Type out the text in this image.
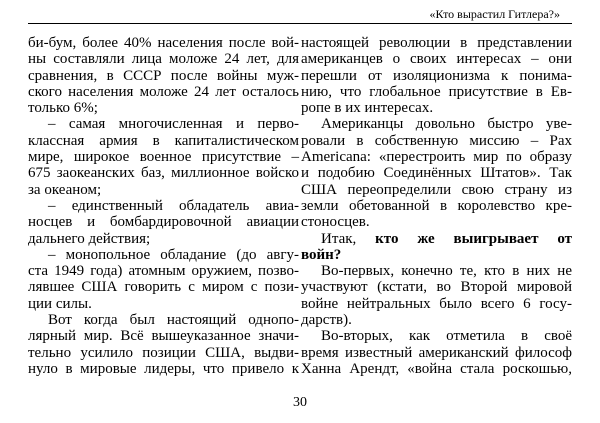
«Кто вырастил Гитлера?»
би-бум, более 40% населения после вой-
ны составляли лица моложе 24 лет, для
сравнения, в СССР после войны муж-
ского населения моложе 24 лет осталось
только 6%;
– самая многочисленная и перво-
классная армия в капиталистическом
мире, широкое военное присутствие –
675 заокеанских баз, миллионное войско
за океаном;
– единственный обладатель авиа-
носцев и бомбардировочной авиации
дальнего действия;
– монопольное обладание (до авгу-
ста 1949 года) атомным оружием, позво-
лявшее США говорить с миром с пози-
ции силы.
Вот когда был настоящий однопо-
лярный мир. Всё вышеуказанное значи-
тельно усилило позиции США, выдви-
нуло в мировые лидеры, что привело к
настоящей революции в представлении
американцев о своих интересах – они
перешли от изоляционизма к понима-
нию, что глобальное присутствие в Ев-
ропе в их интересах.
Американцы довольно быстро уве-
ровали в собственную миссию – Pax
Americana: «перестроить мир по образу
и подобию Соединённых Штатов». Так
США переопределили свою страну из
земли обетованной в королевство кре-
стоносцев.
Итак, кто же выигрывает от
войн?
Во-первых, конечно те, кто в них не
участвуют (кстати, во Второй мировой
войне нейтральных было всего 6 госу-
дарств).
Во-вторых, как отметила в своё
время известный американский философ
Ханна Арендт, «война стала роскошью,
30
